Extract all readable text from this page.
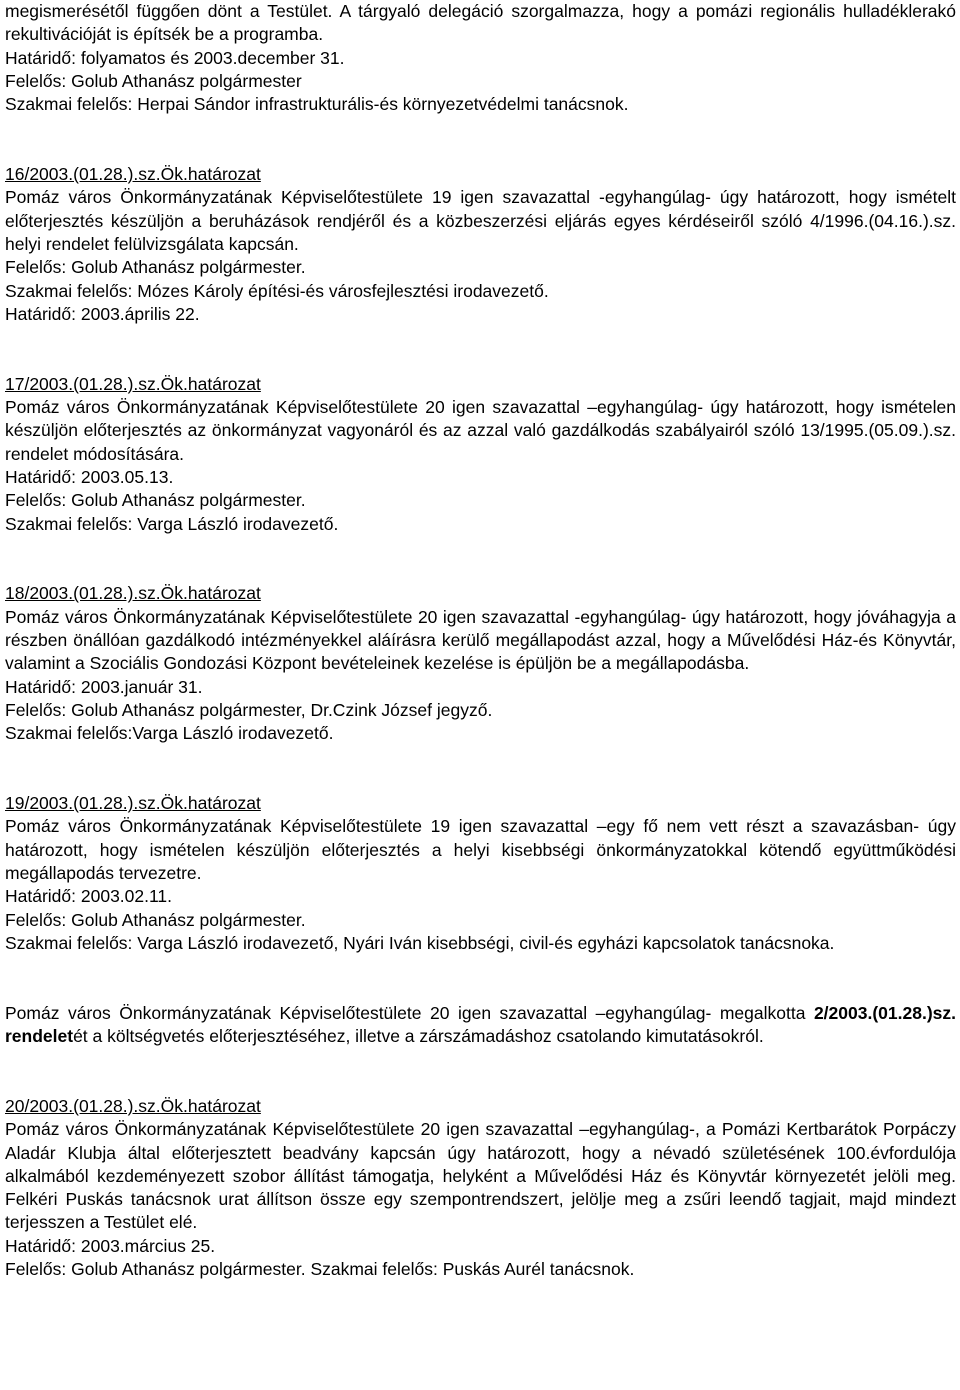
megismerésétől függően dönt a Testület. A tárgyaló delegáció szorgalmazza, hogy a pomázi regionális hulladéklerakó rekultivációját is építsék be a programba.

Határidő: folyamatos és 2003.december 31.

Felelős: Golub Athanász polgármester

Szakmai felelős: Herpai Sándor infrastrukturális-és környezetvédelmi tanácsnok.

16/2003.(01.28.).sz.Ök.határozat

Pomáz város Önkormányzatának Képviselőtestülete 19 igen szavazattal -egyhangúlag- úgy határozott, hogy ismételt előterjesztés készüljön a beruházások rendjéről és a közbeszerzési eljárás egyes kérdéseiről szóló 4/1996.(04.16.).sz. helyi rendelet felülvizsgálata kapcsán.

Felelős: Golub Athanász polgármester.

Szakmai felelős: Mózes Károly építési-és városfejlesztési irodavezető.

Határidő: 2003.április 22.

17/2003.(01.28.).sz.Ök.határozat

Pomáz város Önkormányzatának Képviselőtestülete 20 igen szavazattal –egyhangúlag- úgy határozott, hogy ismételen készüljön előterjesztés az önkormányzat vagyonáról és az azzal való gazdálkodás szabályairól szóló 13/1995.(05.09.).sz. rendelet módosítására.

Határidő: 2003.05.13.

Felelős: Golub Athanász polgármester.

Szakmai felelős: Varga László irodavezető.

18/2003.(01.28.).sz.Ök.határozat

Pomáz város Önkormányzatának Képviselőtestülete 20 igen szavazattal -egyhangúlag- úgy határozott, hogy jóváhagyja a részben önállóan gazdálkodó intézményekkel aláírásra kerülő megállapodást azzal, hogy a Művelődési Ház-és Könyvtár, valamint a Szociális Gondozási Központ bevételeinek kezelése is épüljön be a megállapodásba.

Határidő: 2003.január 31.

Felelős: Golub Athanász polgármester, Dr.Czink József jegyző.

Szakmai felelős:Varga László irodavezető.

19/2003.(01.28.).sz.Ök.határozat

Pomáz város Önkormányzatának Képviselőtestülete 19 igen szavazattal –egy fő nem vett részt a szavazásban- úgy határozott, hogy ismételen készüljön előterjesztés a helyi kisebbségi önkormányzatokkal kötendő együttműködési megállapodás tervezetre.

Határidő: 2003.02.11.

Felelős: Golub Athanász polgármester.

Szakmai felelős: Varga László irodavezető, Nyári Iván kisebbségi, civil-és egyházi kapcsolatok tanácsnoka.

Pomáz város Önkormányzatának Képviselőtestülete 20 igen szavazattal –egyhangúlag- megalkotta 2/2003.(01.28.)sz. rendeletét a költségvetés előterjesztéséhez, illetve a zárszámadáshoz csatolando kimutatásokról.

20/2003.(01.28.).sz.Ök.határozat

Pomáz város Önkormányzatának Képviselőtestülete 20 igen szavazattal –egyhangúlag-, a Pomázi Kertbarátok Porpáczy Aladár Klubja által előterjesztett beadvány kapcsán úgy határozott, hogy a névadó születésének 100.évfordulója alkalmából kezdeményezett szobor állítást támogatja, helyként a Művelődési Ház és Könyvtár környezetét jelöli meg. Felkéri Puskás tanácsnok urat állítson össze egy szempontrendszert, jelölje meg a zsűri leendő tagjait, majd mindezt terjesszen a Testület elé.

Határidő: 2003.március 25.

Felelős: Golub Athanász polgármester. Szakmai felelős: Puskás Aurél tanácsnok.
